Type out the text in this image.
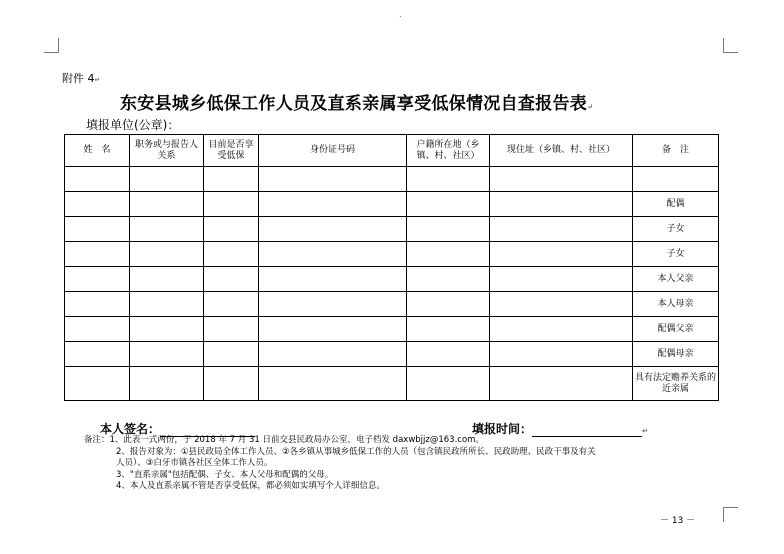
.
附件 4↵
东安县城乡低保工作人员及直系亲属享受低保情况自查报告表↵
填报单位(公章)：
姓　名	职务或与报告人关系	目前是否享受低保	身份证号码	户籍所在地（乡镇、村、社区）	现住址（乡镇、村、社区）	备　注

						配偶
						子女
						子女
						本人父亲
						本人母亲
						配偶父亲
						配偶母亲
						具有法定赡养关系的近亲属
本人签名：	填报时间：	↵
备注：1、此表一式两份，于 2018 年 7 月 31 日前交县民政局办公室，电子档发 daxwbjjz@163.com。
2、报告对象为：①县民政局全体工作人员、②各乡镇从事城乡低保工作的人员（包含镇民政所所长、民政助理、民政干事及有关
人员）、③白牙市镇各社区全体工作人员。
3、"直系亲属"包括配偶、子女、本人父母和配偶的父母。
4、本人及直系亲属不管是否享受低保，都必须如实填写个人详细信息。
－ 13 －
